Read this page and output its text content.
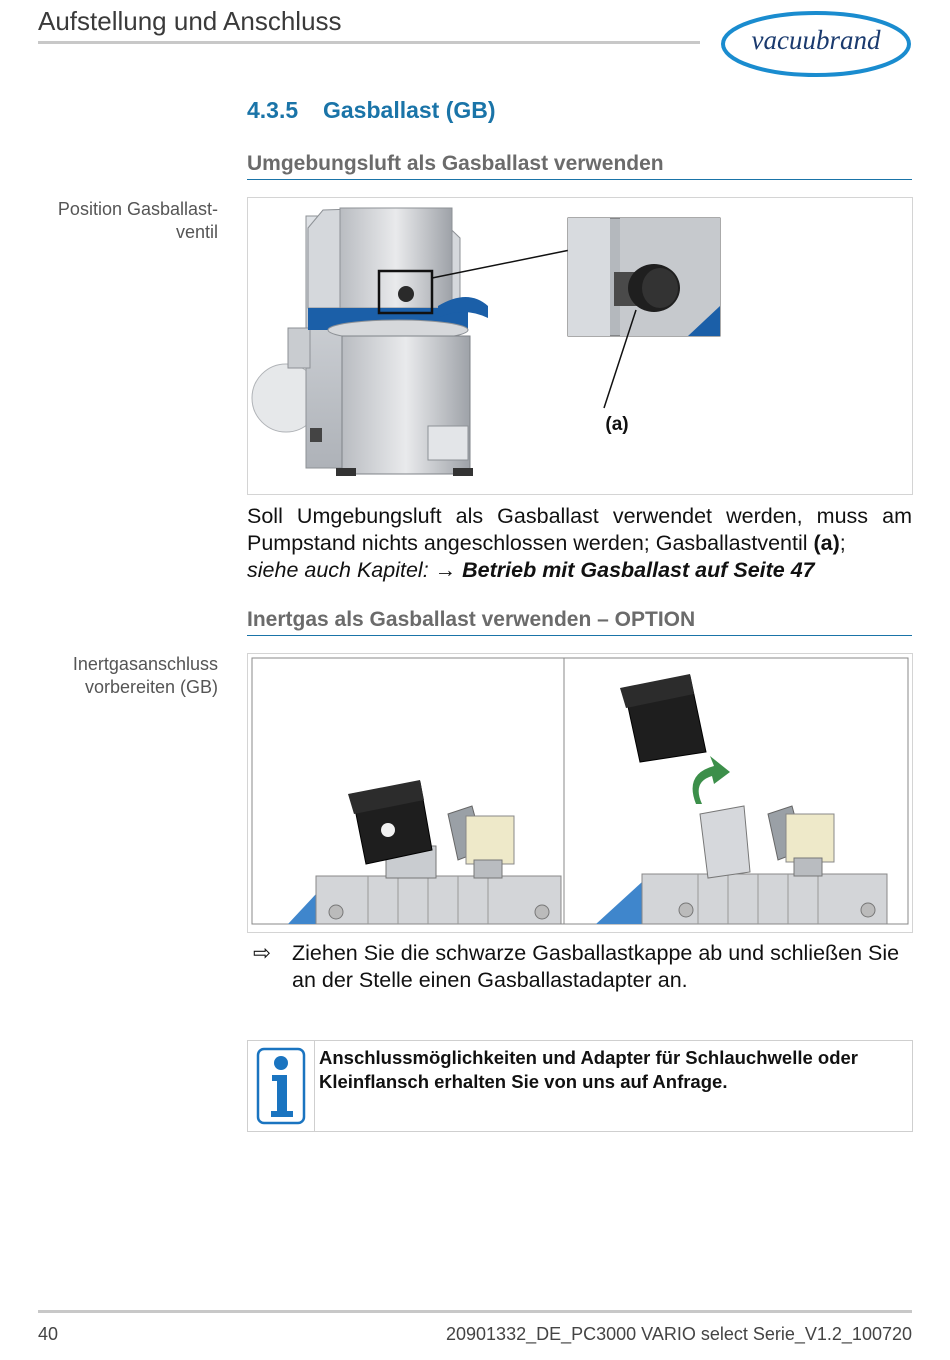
Aufstellung und Anschluss
vacuubrand
4.3.5 Gasballast (GB)
Umgebungsluft als Gasballast verwenden
Position Gasballast-
ventil
(a)
Soll Umgebungsluft als Gasballast verwendet werden, muss am Pumpstand nichts angeschlossen werden; Gasballastventil (a);
siehe auch Kapitel: → Betrieb mit Gasballast auf Seite 47
Inertgas als Gasballast verwenden – OPTION
Inertgasanschluss
vorbereiten (GB)
⇨ Ziehen Sie die schwarze Gasballastkappe ab und schließen Sie an der Stelle einen Gasballastadapter an.
Anschlussmöglichkeiten und Adapter für Schlauchwelle oder Kleinflansch erhalten Sie von uns auf Anfrage.
40	20901332_DE_PC3000 VARIO select Serie_V1.2_100720
